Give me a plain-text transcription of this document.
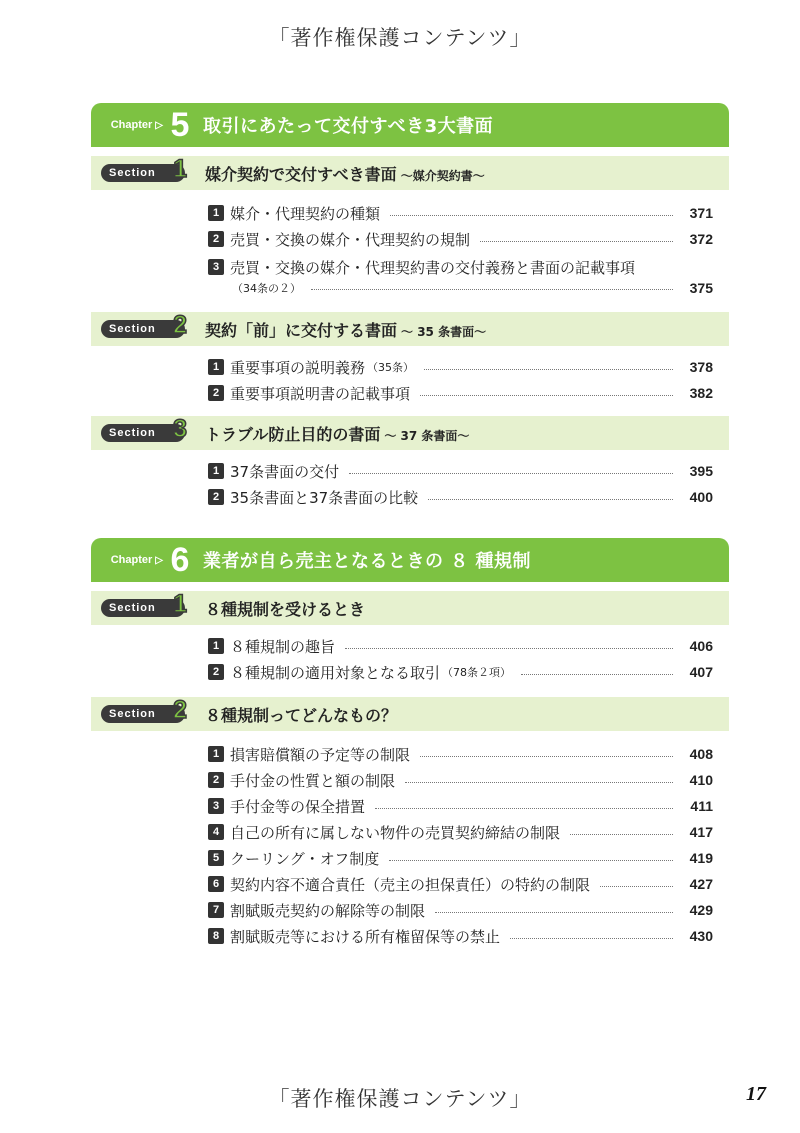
「著作権保護コンテンツ」
Chapter ▷ 5 取引にあたって交付すべき3大書面
Section 1 媒介契約で交付すべき書面 ～媒介契約書～
1 媒介・代理契約の種類	371
2 売買・交換の媒介・代理契約の規制	372
3 売買・交換の媒介・代理契約書の交付義務と書面の記載事項
（34条の２）	375
Section 2 契約「前」に交付する書面 ～ 35 条書面～
1 重要事項の説明義務 （35条）	378
2 重要事項説明書の記載事項	382
Section 3 トラブル防止目的の書面 ～ 37 条書面～
1 37条書面の交付	395
2 35条書面と37条書面の比較	400
Chapter ▷ 6 業者が自ら売主となるときの ８ 種規制
Section 1 ８種規制を受けるとき
1 ８種規制の趣旨	406
2 ８種規制の適用対象となる取引 （78条２項）	407
Section 2 ８種規制ってどんなもの？
1 損害賠償額の予定等の制限	408
2 手付金の性質と額の制限	410
3 手付金等の保全措置	411
4 自己の所有に属しない物件の売買契約締結の制限	417
5 クーリング・オフ制度	419
6 契約内容不適合責任（売主の担保責任）の特約の制限	427
7 割賦販売契約の解除等の制限	429
8 割賦販売等における所有権留保等の禁止	430
「著作権保護コンテンツ」	17
